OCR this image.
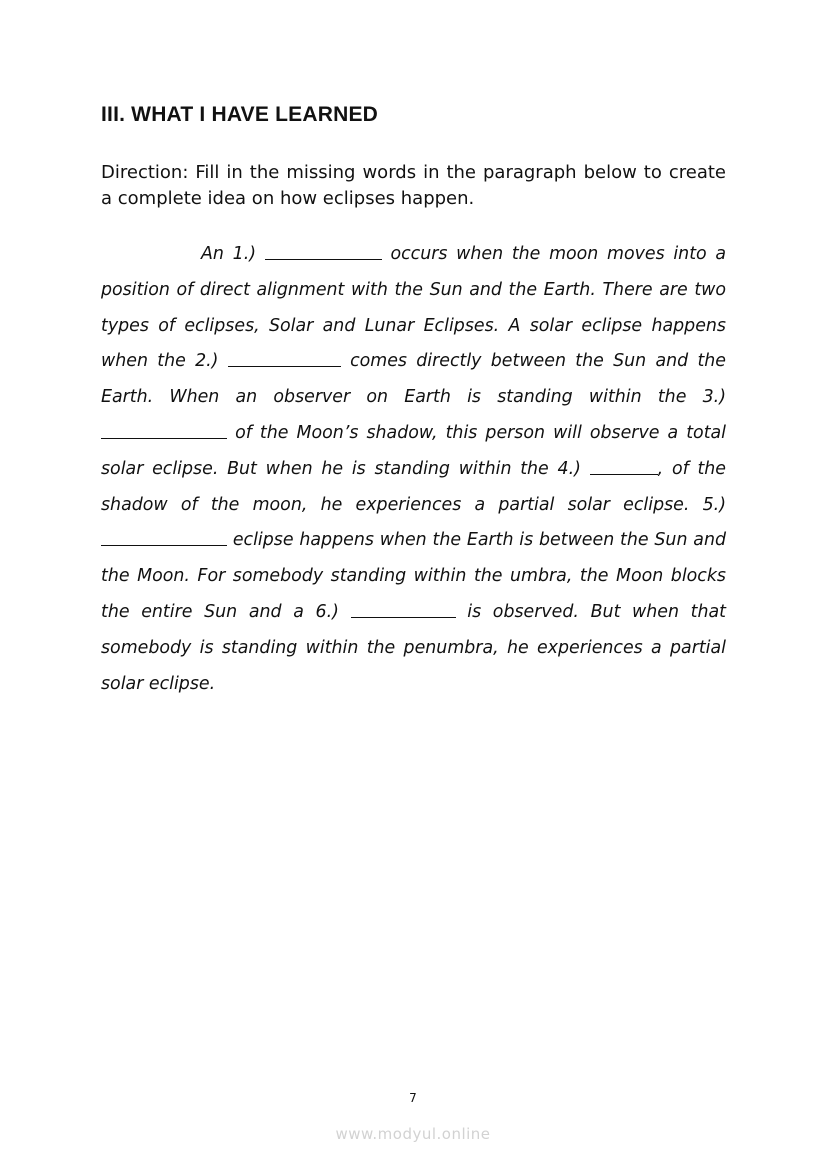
III. WHAT I HAVE LEARNED

Direction: Fill in the missing words in the paragraph below to create a complete idea on how eclipses happen.

An 1.)	occurs when the moon moves into a position of direct alignment with the Sun and the Earth. There are two types of eclipses, Solar and Lunar Eclipses. A solar eclipse happens when the 2.)	comes directly between the Sun and the Earth. When an observer on Earth is standing within the 3.)  of the Moon’s shadow, this person will observe a total solar eclipse. But when he is standing within the 4.)	, of the shadow of the moon, he experiences a partial solar eclipse. 5.)  eclipse happens when the Earth is between the Sun and the Moon. For somebody standing within the umbra, the Moon blocks the entire Sun and a 6.)	is observed. But when that somebody is standing within the penumbra, he experiences a partial solar eclipse.

7

www.modyul.online
